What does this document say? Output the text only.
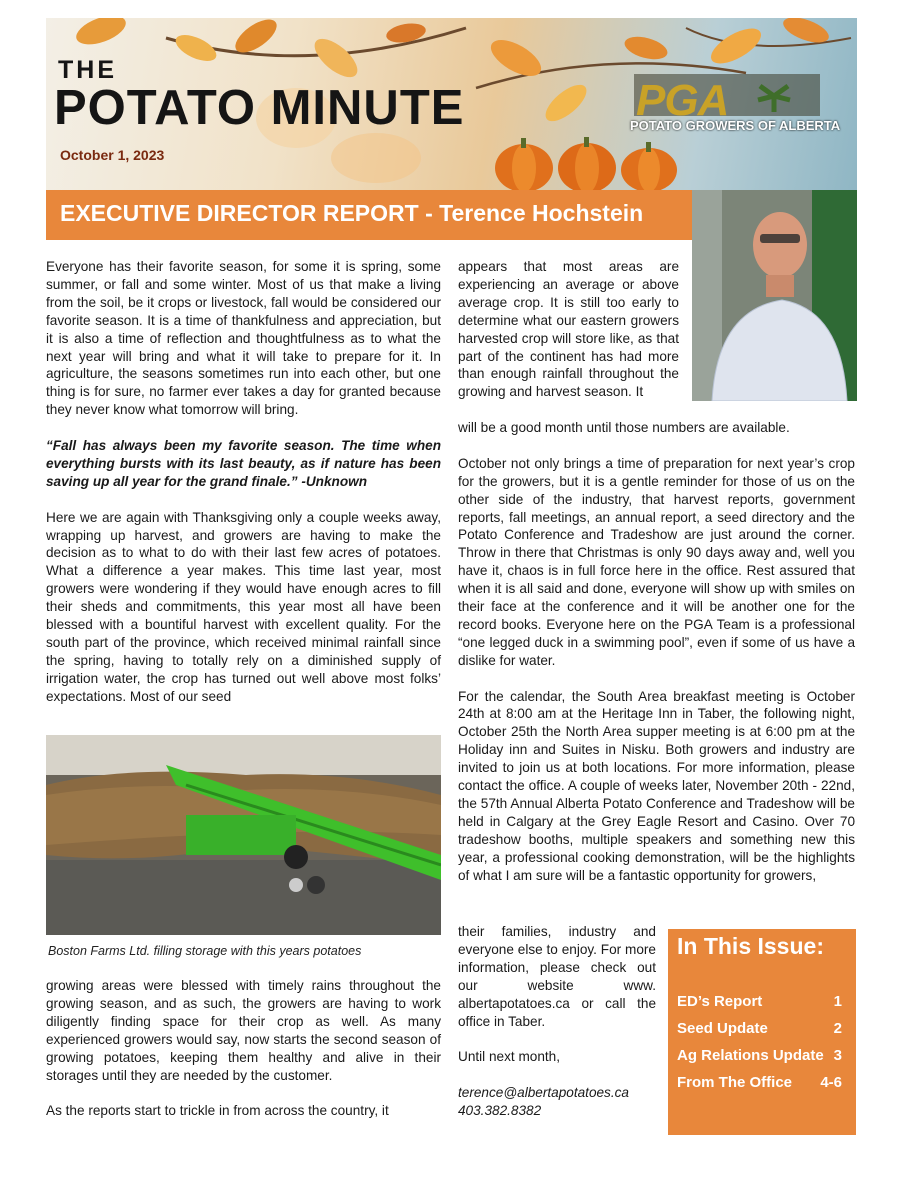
THE
POTATO MINUTE
October 1, 2023
PGA
POTATO GROWERS OF ALBERTA
EXECUTIVE DIRECTOR REPORT - Terence Hochstein

Everyone has their favorite season, for some it is spring, some summer, or fall and some winter. Most of us that make a living from the soil, be it crops or livestock, fall would be considered our favorite season. It is a time of thankfulness and appreciation, but it is also a time of reflection and thoughtfulness as to what the next year will bring and what it will take to prepare for it. In agriculture, the seasons sometimes run into each other, but one thing is for sure, no farmer ever takes a day for granted because they never know what tomorrow will bring.

“Fall has always been my favorite season. The time when everything bursts with its last beauty, as if nature has been saving up all year for the grand finale.” -Unknown

Here we are again with Thanksgiving only a couple weeks away, wrapping up harvest, and growers are having to make the decision as to what to do with their last few acres of potatoes. What a difference a year makes. This time last year, most growers were wondering if they would have enough acres to fill their sheds and commitments, this year most all have been blessed with a bountiful harvest with excellent quality. For the south part of the province, which received minimal rainfall since the spring, having to totally rely on a diminished supply of irrigation water, the crop has turned out well above most folks’ expectations. Most of our seed

Boston Farms Ltd. filling storage with this years potatoes

growing areas were blessed with timely rains throughout the growing season, and as such, the growers are having to work diligently finding space for their crop as well. As many experienced growers would say, now starts the second season of growing potatoes, keeping them healthy and alive in their storages until they are needed by the customer.

As the reports start to trickle in from across the country, it

appears that most areas are experiencing an average or above average crop. It is still too early to determine what our eastern growers harvested crop will store like, as that part of the continent has had more than enough rainfall throughout the growing and harvest season. It

will be a good month until those numbers are available.

October not only brings a time of preparation for next year’s crop for the growers, but it is a gentle reminder for those of us on the other side of the industry, that harvest reports, government reports, fall meetings, an annual report, a seed directory and the Potato Conference and Tradeshow are just around the corner. Throw in there that Christmas is only 90 days away and, well you have it, chaos is in full force here in the office. Rest assured that when it is all said and done, everyone will show up with smiles on their face at the conference and it will be another one for the record books. Everyone here on the PGA Team is a professional “one legged duck in a swimming pool”, even if some of us have a dislike for water.

For the calendar, the South Area breakfast meeting is October 24th at 8:00 am at the Heritage Inn in Taber, the following night, October 25th the North Area supper meeting is at 6:00 pm at the Holiday inn and Suites in Nisku. Both growers and industry are invited to join us at both locations. For more information, please contact the office. A couple of weeks later, November 20th - 22nd, the 57th Annual Alberta Potato Conference and Tradeshow will be held in Calgary at the Grey Eagle Resort and Casino. Over 70 tradeshow booths, multiple speakers and something new this year, a professional cooking demonstration, will be the highlights of what I am sure will be a fantastic opportunity for growers,

their families, industry and everyone else to enjoy. For more information, please check out our website www. albertapotatoes.ca or call the office in Taber.

Until next month,

terence@albertapotatoes.ca

403.382.8382

In This Issue:
ED’s Report	1
Seed Update	2
Ag Relations Update 3
From The Office 4-6
